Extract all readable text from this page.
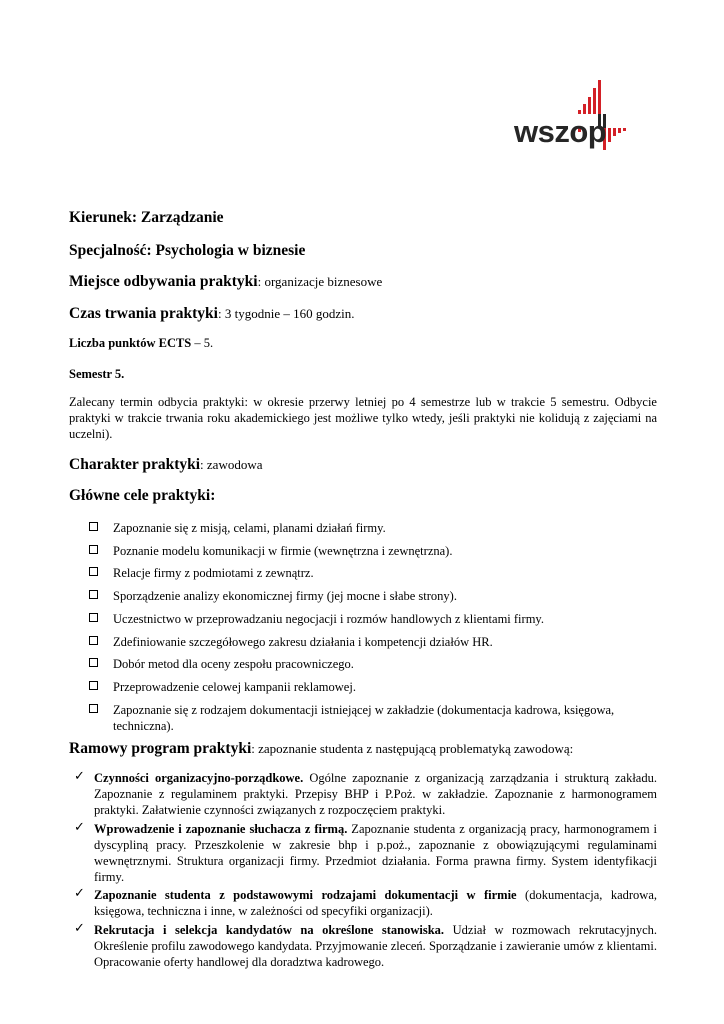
wszop
Kierunek: Zarządzanie
Specjalność: Psychologia w biznesie
Miejsce odbywania praktyki: organizacje biznesowe
Czas trwania praktyki: 3 tygodnie – 160 godzin.
Liczba punktów ECTS – 5.
Semestr 5.
Zalecany termin odbycia praktyki: w okresie przerwy letniej po 4 semestrze lub w trakcie 5 semestru. Odbycie praktyki w trakcie trwania roku akademickiego jest możliwe tylko wtedy, jeśli praktyki nie kolidują z zajęciami na uczelni).
Charakter praktyki: zawodowa
Główne cele praktyki:
Zapoznanie się z misją, celami, planami działań firmy.
Poznanie modelu komunikacji w firmie (wewnętrzna i zewnętrzna).
Relacje firmy z podmiotami z zewnątrz.
Sporządzenie analizy ekonomicznej firmy (jej mocne i słabe strony).
Uczestnictwo w przeprowadzaniu negocjacji i rozmów handlowych z klientami firmy.
Zdefiniowanie szczegółowego zakresu działania i kompetencji działów HR.
Dobór metod dla oceny zespołu pracowniczego.
Przeprowadzenie celowej kampanii reklamowej.
Zapoznanie się z rodzajem dokumentacji istniejącej w zakładzie (dokumentacja kadrowa, księgowa, techniczna).
Ramowy program praktyki: zapoznanie studenta z następującą problematyką zawodową:
✓ Czynności organizacyjno-porządkowe. Ogólne zapoznanie z organizacją zarządzania i strukturą zakładu. Zapoznanie z regulaminem praktyki. Przepisy BHP i P.Poż. w zakładzie. Zapoznanie z harmonogramem praktyki. Załatwienie czynności związanych z rozpoczęciem praktyki.
✓ Wprowadzenie i zapoznanie słuchacza z firmą. Zapoznanie studenta z organizacją pracy, harmonogramem i dyscypliną pracy. Przeszkolenie w zakresie bhp i p.poż., zapoznanie z obowiązującymi regulaminami wewnętrznymi. Struktura organizacji firmy. Przedmiot działania. Forma prawna firmy. System identyfikacji firmy.
✓ Zapoznanie studenta z podstawowymi rodzajami dokumentacji w firmie (dokumentacja, kadrowa, księgowa, techniczna i inne, w zależności od specyfiki organizacji).
✓ Rekrutacja i selekcja kandydatów na określone stanowiska. Udział w rozmowach rekrutacyjnych. Określenie profilu zawodowego kandydata. Przyjmowanie zleceń. Sporządzanie i zawieranie umów z klientami. Opracowanie oferty handlowej dla doradztwa kadrowego.
